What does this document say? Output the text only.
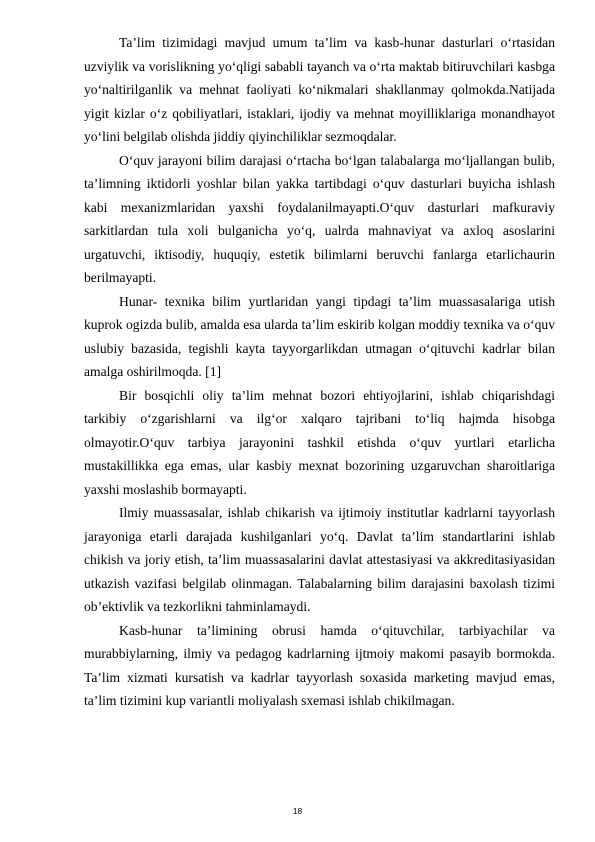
Ta’lim tizimidagi mavjud umum ta’lim va kasb-hunar dasturlari o‘rtasidan uzviylik va vorislikning yo‘qligi sababli tayanch va o‘rta maktab bitiruvchilari kasbga yo‘naltirilganlik va mehnat faoliyati ko‘nikmalari shakllanmay qolmokda.Natijada yigit kizlar o‘z qobiliyatlari, istaklari, ijodiy va mehnat moyilliklariga monandhayot yo‘lini belgilab olishda jiddiy qiyinchiliklar sezmoqdalar.

O‘quv jarayoni bilim darajasi o‘rtacha bo‘lgan talabalarga mo‘ljallangan bulib, ta’limning iktidorli yoshlar bilan yakka tartibdagi o‘quv dasturlari buyicha ishlash kabi mexanizmlaridan yaxshi foydalanilmayapti.O‘quv dasturlari mafkuraviy sarkitlardan tula xoli bulganicha yo‘q, ualrda mahnaviyat va axloq asoslarini urgatuvchi, iktisodiy, huquqiy, estetik bilimlarni beruvchi fanlarga etarlichaurin berilmayapti.

Hunar- texnika bilim yurtlaridan yangi tipdagi ta’lim muassasalariga utish kuprok ogizda bulib, amalda esa ularda ta’lim eskirib kolgan moddiy texnika va o‘quv uslubiy bazasida, tegishli kayta tayyorgarlikdan utmagan o‘qituvchi kadrlar bilan amalga oshirilmoqda. [1]

Bir bosqichli oliy ta’lim mehnat bozori ehtiyojlarini, ishlab chiqarishdagi tarkibiy o‘zgarishlarni va ilg‘or xalqaro tajribani to‘liq hajmda hisobga olmayotir.O‘quv tarbiya jarayonini tashkil etishda o‘quv yurtlari etarlicha mustakillikka ega emas, ular kasbiy mexnat bozorining uzgaruvchan sharoitlariga yaxshi moslashib bormayapti.

Ilmiy muassasalar, ishlab chikarish va ijtimoiy institutlar kadrlarni tayyorlash jarayoniga etarli darajada kushilganlari yo‘q. Davlat ta’lim standartlarini ishlab chikish va joriy etish, ta’lim muassasalarini davlat attestasiyasi va akkreditasiyasidan utkazish vazifasi belgilab olinmagan. Talabalarning bilim darajasini baxolash tizimi ob’ektivlik va tezkorlikni tahminlamaydi.

Kasb-hunar ta’limining obrusi hamda o‘qituvchilar, tarbiyachilar va murabbiylarning, ilmiy va pedagog kadrlarning ijtmoiy makomi pasayib bormokda. Ta’lim xizmati kursatish va kadrlar tayyorlash soxasida marketing mavjud emas, ta’lim tizimini kup variantli moliyalash sxemasi ishlab chikilmagan.

18
